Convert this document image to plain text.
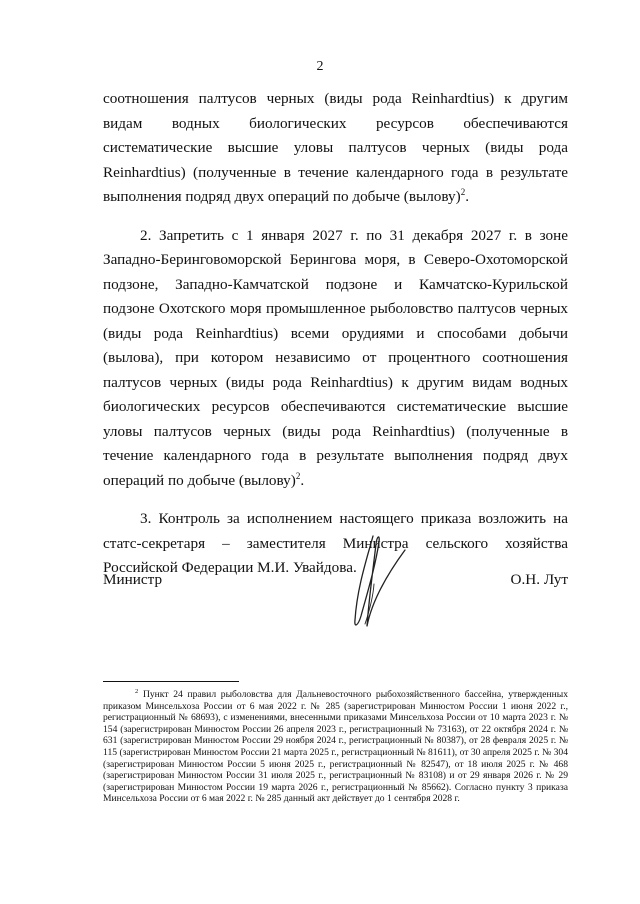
2

соотношения палтусов черных (виды рода Reinhardtius) к другим видам водных биологических ресурсов обеспечиваются систематические высшие уловы палтусов черных (виды рода Reinhardtius) (полученные в течение календарного года в результате выполнения подряд двух операций по добыче (вылову)$^2$.

2. Запретить с 1 января 2027 г. по 31 декабря 2027 г. в зоне Западно-Беринговоморской Берингова моря, в Северо-Охотоморской подзоне, Западно-Камчатской подзоне и Камчатско-Курильской подзоне Охотского моря промышленное рыболовство палтусов черных (виды рода Reinhardtius) всеми орудиями и способами добычи (вылова), при котором независимо от процентного соотношения палтусов черных (виды рода Reinhardtius) к другим видам водных биологических ресурсов обеспечиваются систематические высшие уловы палтусов черных (виды рода Reinhardtius) (полученные в течение календарного года в результате выполнения подряд двух операций по добыче (вылову)$^2$.

3. Контроль за исполнением настоящего приказа возложить на статс-секретаря – заместителя Министра сельского хозяйства Российской Федерации М.И. Увайдова.

Министр	О.Н. Лут
$^2$ Пункт 24 правил рыболовства для Дальневосточного рыбохозяйственного бассейна, утвержденных приказом Минсельхоза России от 6 мая 2022 г. № 285 (зарегистрирован Минюстом России 1 июня 2022 г., регистрационный № 68693), с изменениями, внесенными приказами Минсельхоза России от 10 марта 2023 г. № 154 (зарегистрирован Минюстом России 26 апреля 2023 г., регистрационный № 73163), от 22 октября 2024 г. № 631 (зарегистрирован Минюстом России 29 ноября 2024 г., регистрационный № 80387), от 28 февраля 2025 г. № 115 (зарегистрирован Минюстом России 21 марта 2025 г., регистрационный № 81611), от 30 апреля 2025 г. № 304 (зарегистрирован Минюстом России 5 июня 2025 г., регистрационный № 82547), от 18 июля 2025 г. № 468 (зарегистрирован Минюстом России 31 июля 2025 г., регистрационный № 83108) и от 29 января 2026 г. № 29 (зарегистрирован Минюстом России 19 марта 2026 г., регистрационный № 85662). Согласно пункту 3 приказа Минсельхоза России от 6 мая 2022 г. № 285 данный акт действует до 1 сентября 2028 г.
